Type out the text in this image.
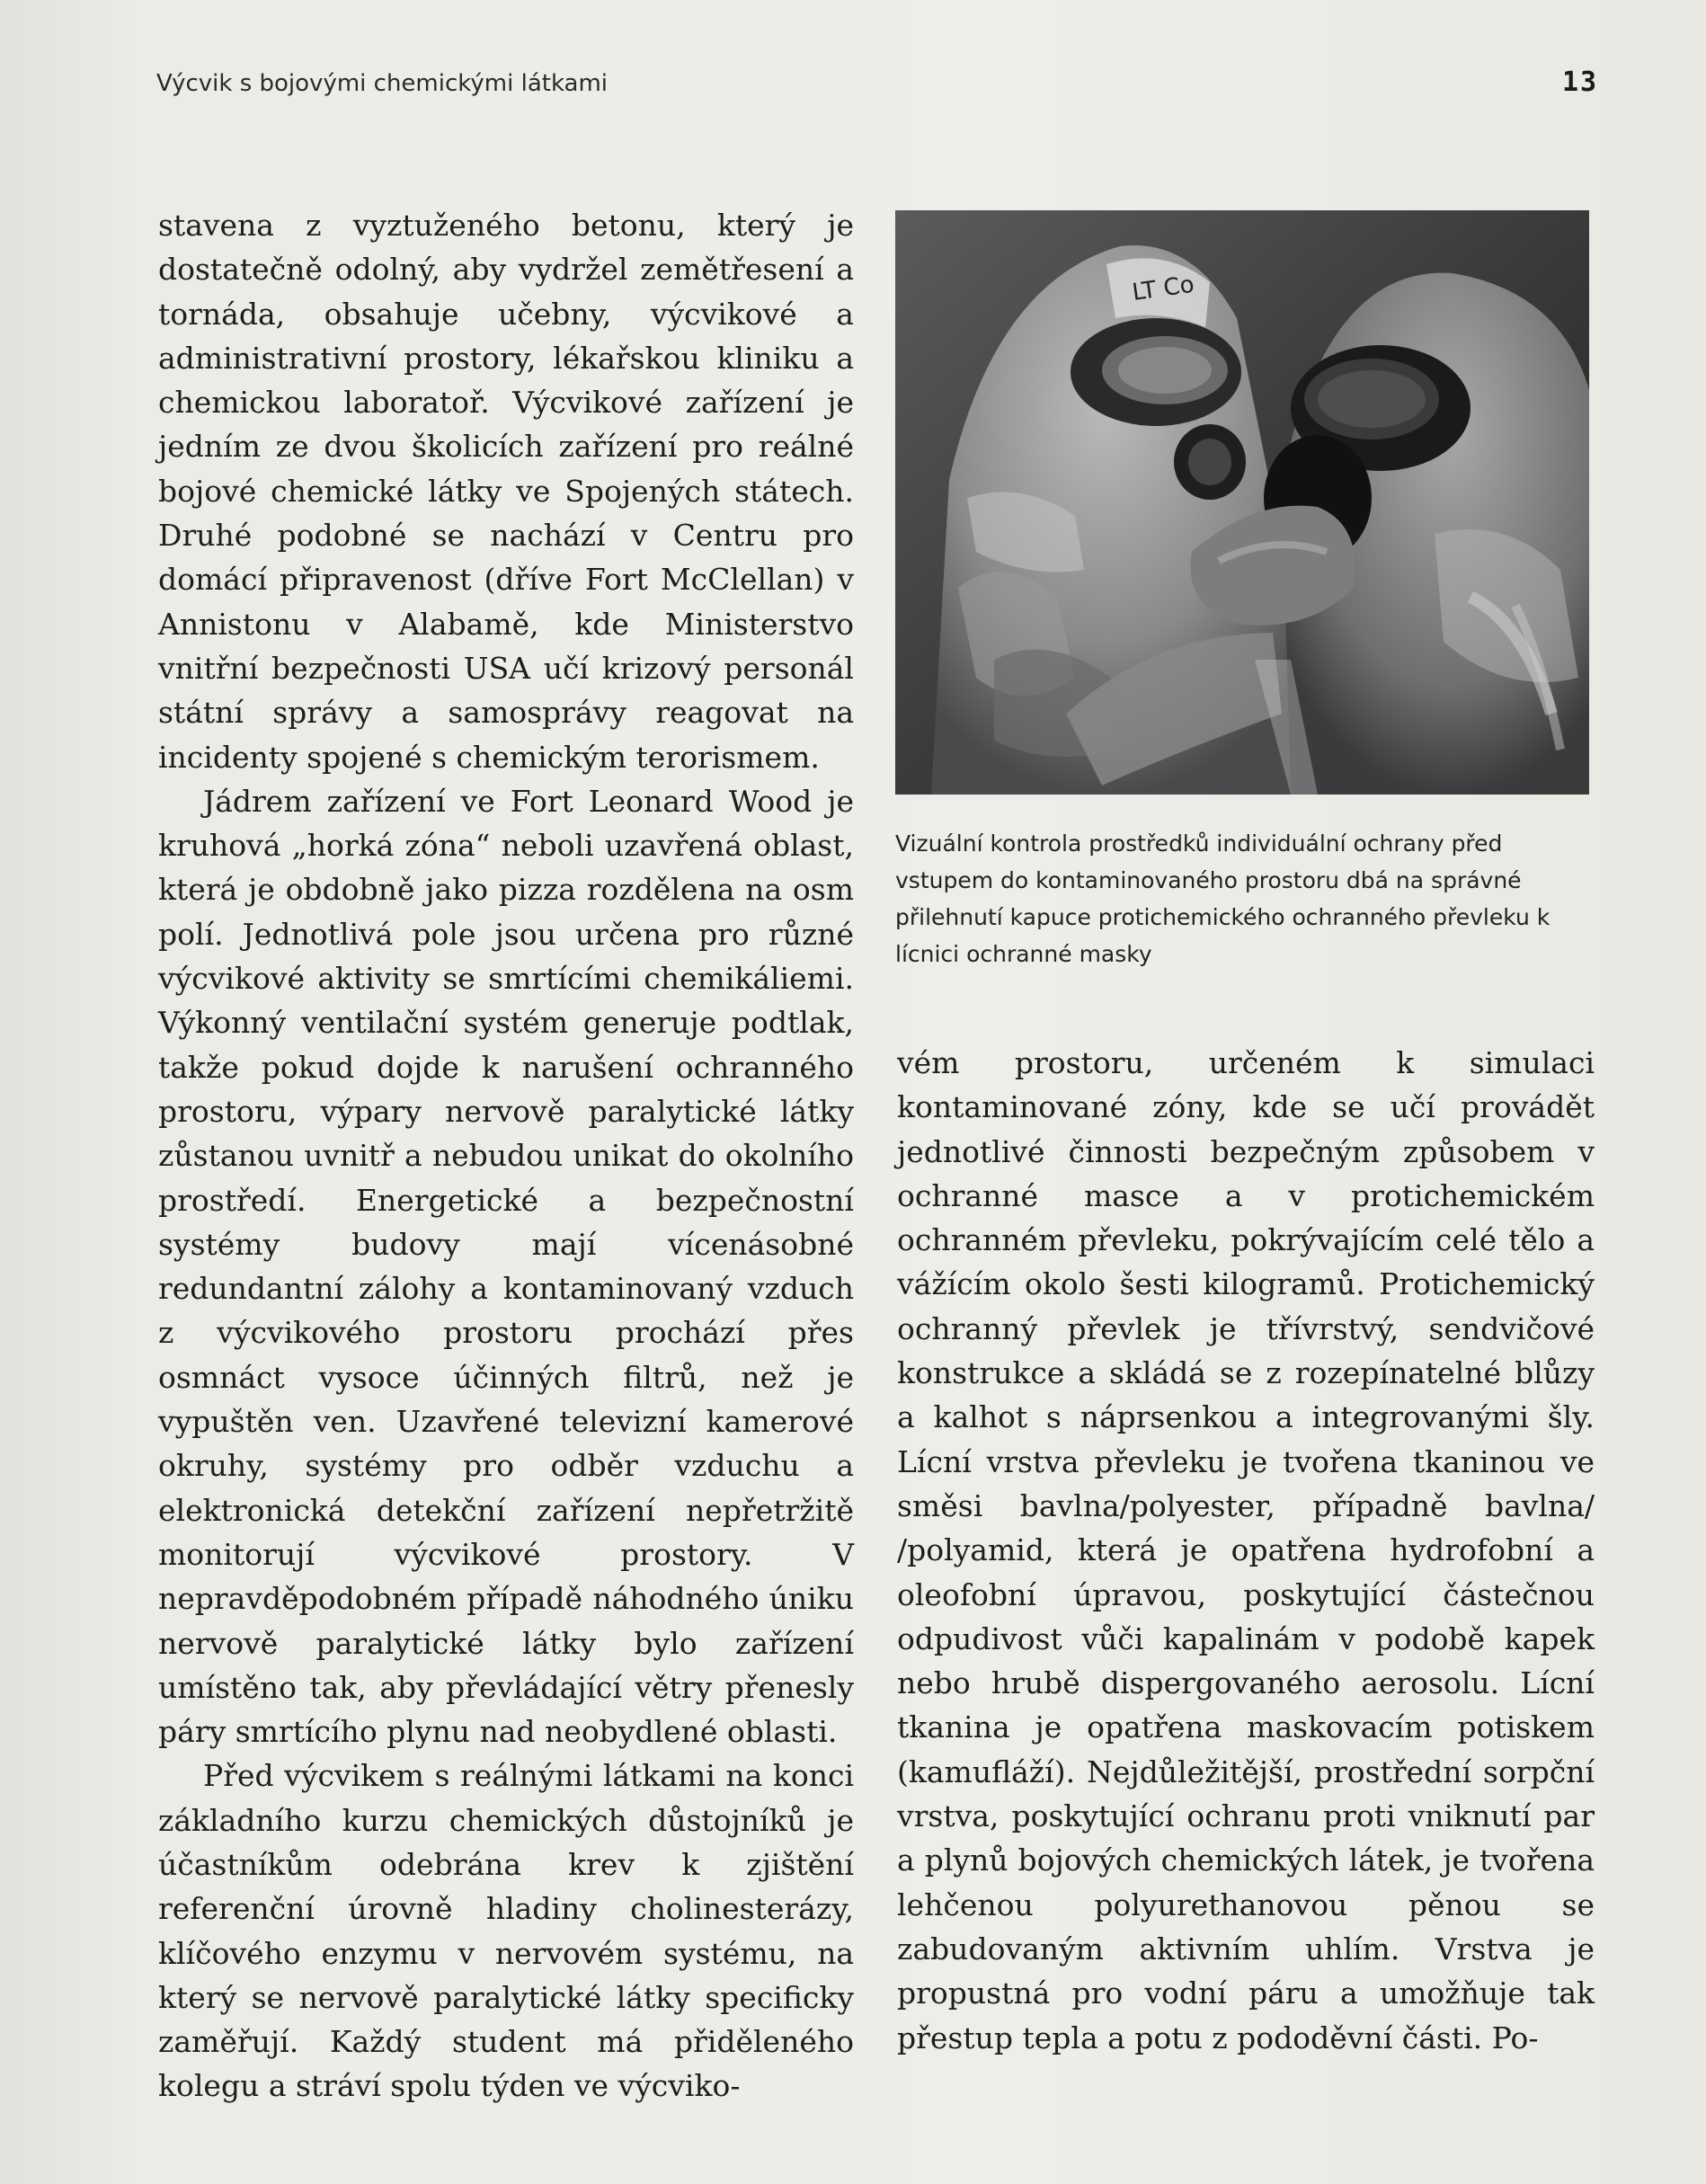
Výcvik s bojovými chemickými látkami	13

stavena z vyztuženého betonu, který je dostatečně odolný, aby vydržel zemětřesení a tornáda, obsahuje učebny, výcvikové a administrativní prostory, lékařskou kliniku a chemickou laboratoř. Výcvikové zařízení je jedním ze dvou školicích zařízení pro reálné bojové chemické látky ve Spojených státech. Druhé podobné se nachází v Centru pro domácí připravenost (dříve Fort McClellan) v Annistonu v Alabamě, kde Ministerstvo vnitřní bezpečnosti USA učí krizový personál státní správy a samosprávy reagovat na incidenty spojené s chemickým terorismem.

Jádrem zařízení ve Fort Leonard Wood je kruhová „horká zóna“ neboli uzavřená oblast, která je obdobně jako pizza rozdělena na osm polí. Jednotlivá pole jsou určena pro různé výcvikové aktivity se smrtícími chemikáliemi. Výkonný ventilační systém generuje podtlak, takže pokud dojde k narušení ochranného prostoru, výpary nervově paralytické látky zůstanou uvnitř a nebudou unikat do okolního prostředí. Energetické a bezpečnostní systémy budovy mají vícenásobné redundantní zálohy a kontaminovaný vzduch z výcvikového prostoru prochází přes osmnáct vysoce účinných filtrů, než je vypuštěn ven. Uzavřené televizní kamerové okruhy, systémy pro odběr vzduchu a elektronická detekční zařízení nepřetržitě monitorují výcvikové prostory. V nepravděpodobném případě náhodného úniku nervově paralytické látky bylo zařízení umístěno tak, aby převládající větry přenesly páry smrtícího plynu nad neobydlené oblasti.

Před výcvikem s reálnými látkami na konci základního kurzu chemických důstojníků je účastníkům odebrána krev k zjištění referenční úrovně hladiny cholinesterázy, klíčového enzymu v nervovém systému, na který se nervově paralytické látky specificky zaměřují. Každý student má přiděleného kolegu a stráví spolu týden ve výcviko-

LT Co
Vizuální kontrola prostředků individuální ochrany před vstupem do kontaminovaného prostoru dbá na správné přilehnutí kapuce protichemického ochranného převleku k lícnici ochranné masky

vém prostoru, určeném k simulaci kontaminované zóny, kde se učí provádět jednotlivé činnosti bezpečným způsobem v ochranné masce a v protichemickém ochranném převleku, pokrývajícím celé tělo a vážícím okolo šesti kilogramů. Protichemický ochranný převlek je třívrstvý, sendvičové konstrukce a skládá se z rozepínatelné blůzy a kalhot s náprsenkou a integrovanými šly. Lícní vrstva převleku je tvořena tkaninou ve směsi bavlna/polyester, případně bavlna/ /polyamid, která je opatřena hydrofobní a oleofobní úpravou, poskytující částečnou odpudivost vůči kapalinám v podobě kapek nebo hrubě dispergovaného aerosolu. Lícní tkanina je opatřena maskovacím potiskem (kamufláží). Nejdůležitější, prostřední sorpční vrstva, poskytující ochranu proti vniknutí par a plynů bojových chemických látek, je tvořena lehčenou polyurethanovou pěnou se zabudovaným aktivním uhlím. Vrstva je propustná pro vodní páru a umožňuje tak přestup tepla a potu z pododěvní části. Po-
